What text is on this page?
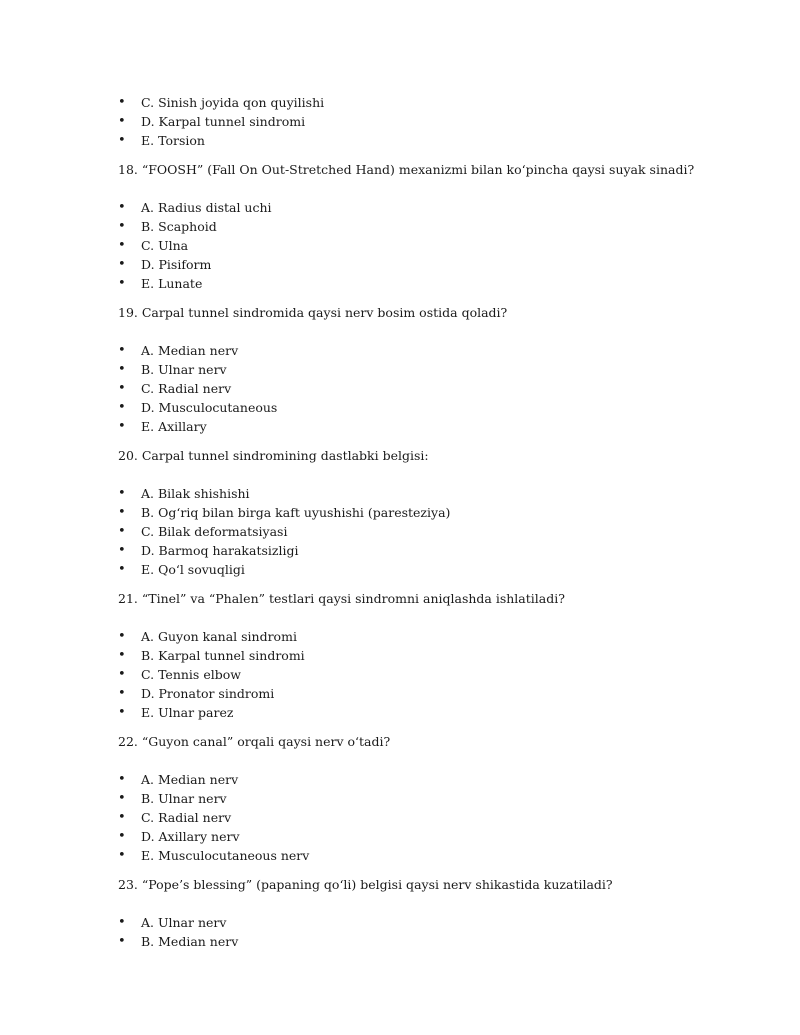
• C. Sinish joyida qon quyilishi
• D. Karpal tunnel sindromi
• E. Torsion

18. “FOOSH” (Fall On Out-Stretched Hand) mexanizmi bilan ko‘pincha qaysi suyak sinadi?

• A. Radius distal uchi
• B. Scaphoid
• C. Ulna
• D. Pisiform
• E. Lunate

19. Carpal tunnel sindromida qaysi nerv bosim ostida qoladi?

• A. Median nerv
• B. Ulnar nerv
• C. Radial nerv
• D. Musculocutaneous
• E. Axillary

20. Carpal tunnel sindromining dastlabki belgisi:

• A. Bilak shishishi
• B. Og‘riq bilan birga kaft uyushishi (paresteziya)
• C. Bilak deformatsiyasi
• D. Barmoq harakatsizligi
• E. Qo‘l sovuqligi

21. “Tinel” va “Phalen” testlari qaysi sindromni aniqlashda ishlatiladi?

• A. Guyon kanal sindromi
• B. Karpal tunnel sindromi
• C. Tennis elbow
• D. Pronator sindromi
• E. Ulnar parez

22. “Guyon canal” orqali qaysi nerv o‘tadi?

• A. Median nerv
• B. Ulnar nerv
• C. Radial nerv
• D. Axillary nerv
• E. Musculocutaneous nerv

23. “Pope’s blessing” (papaning qo‘li) belgisi qaysi nerv shikastida kuzatiladi?

• A. Ulnar nerv
• B. Median nerv
